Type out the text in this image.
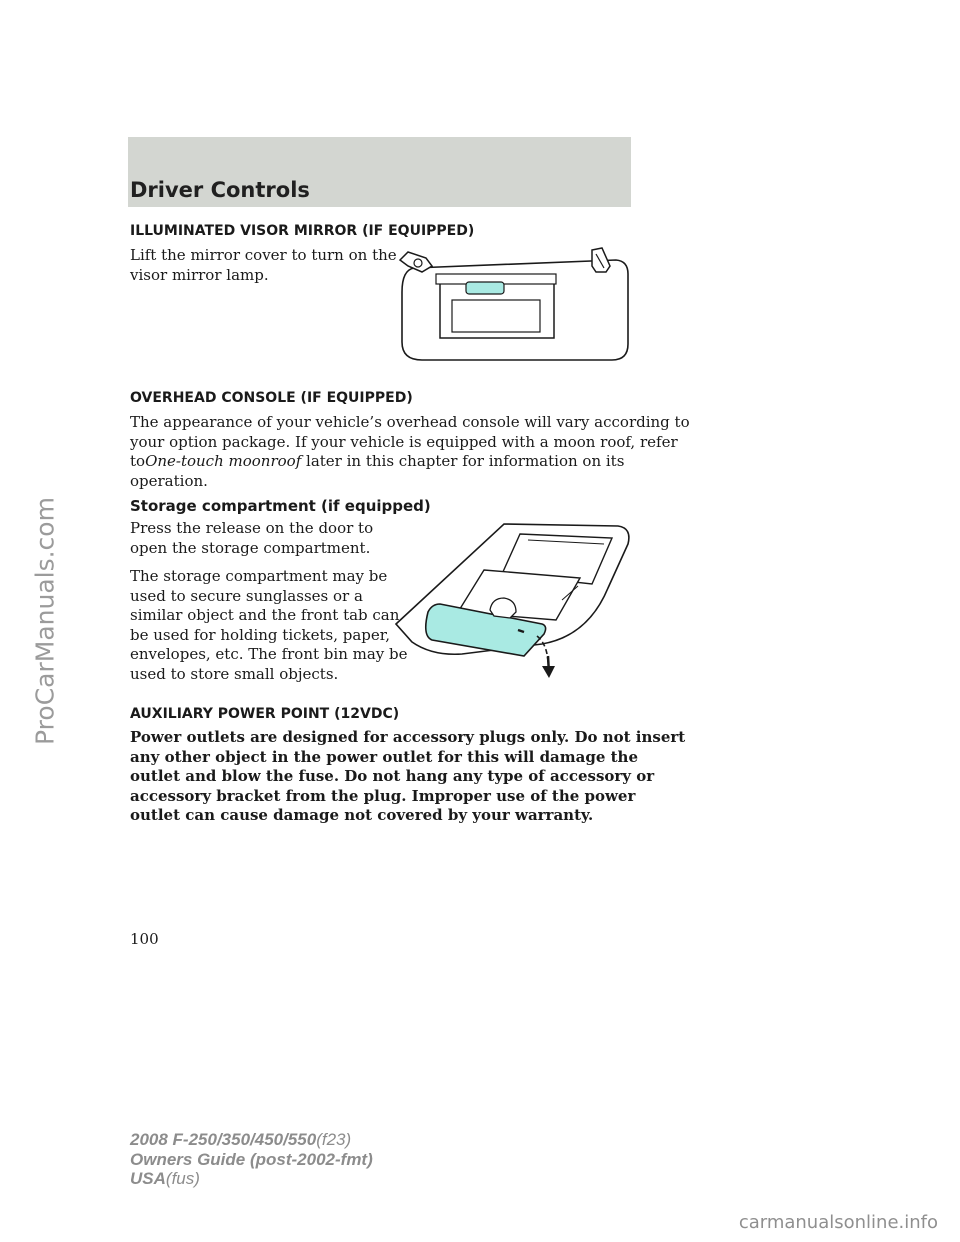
Driver Controls
ILLUMINATED VISOR MIRROR (IF EQUIPPED)
Lift the mirror cover to turn on the
visor mirror lamp.
OVERHEAD CONSOLE (IF EQUIPPED)
The appearance of your vehicle’s overhead console will vary according to
your option package. If your vehicle is equipped with a moon roof, refer
toOne-touch moonroof later in this chapter for information on its
operation.
Storage compartment (if equipped)
Press the release on the door to
open the storage compartment.
The storage compartment may be
used to secure sunglasses or a
similar object and the front tab can
be used for holding tickets, paper,
envelopes, etc. The front bin may be
used to store small objects.
AUXILIARY POWER POINT (12VDC)
Power outlets are designed for accessory plugs only. Do not insert
any other object in the power outlet for this will damage the
outlet and blow the fuse. Do not hang any type of accessory or
accessory bracket from the plug. Improper use of the power
outlet can cause damage not covered by your warranty.
100
2008 F-250/350/450/550(f23)
Owners Guide (post-2002-fmt)
USA(fus)
ProCarManuals.com
carmanualsonline.info
